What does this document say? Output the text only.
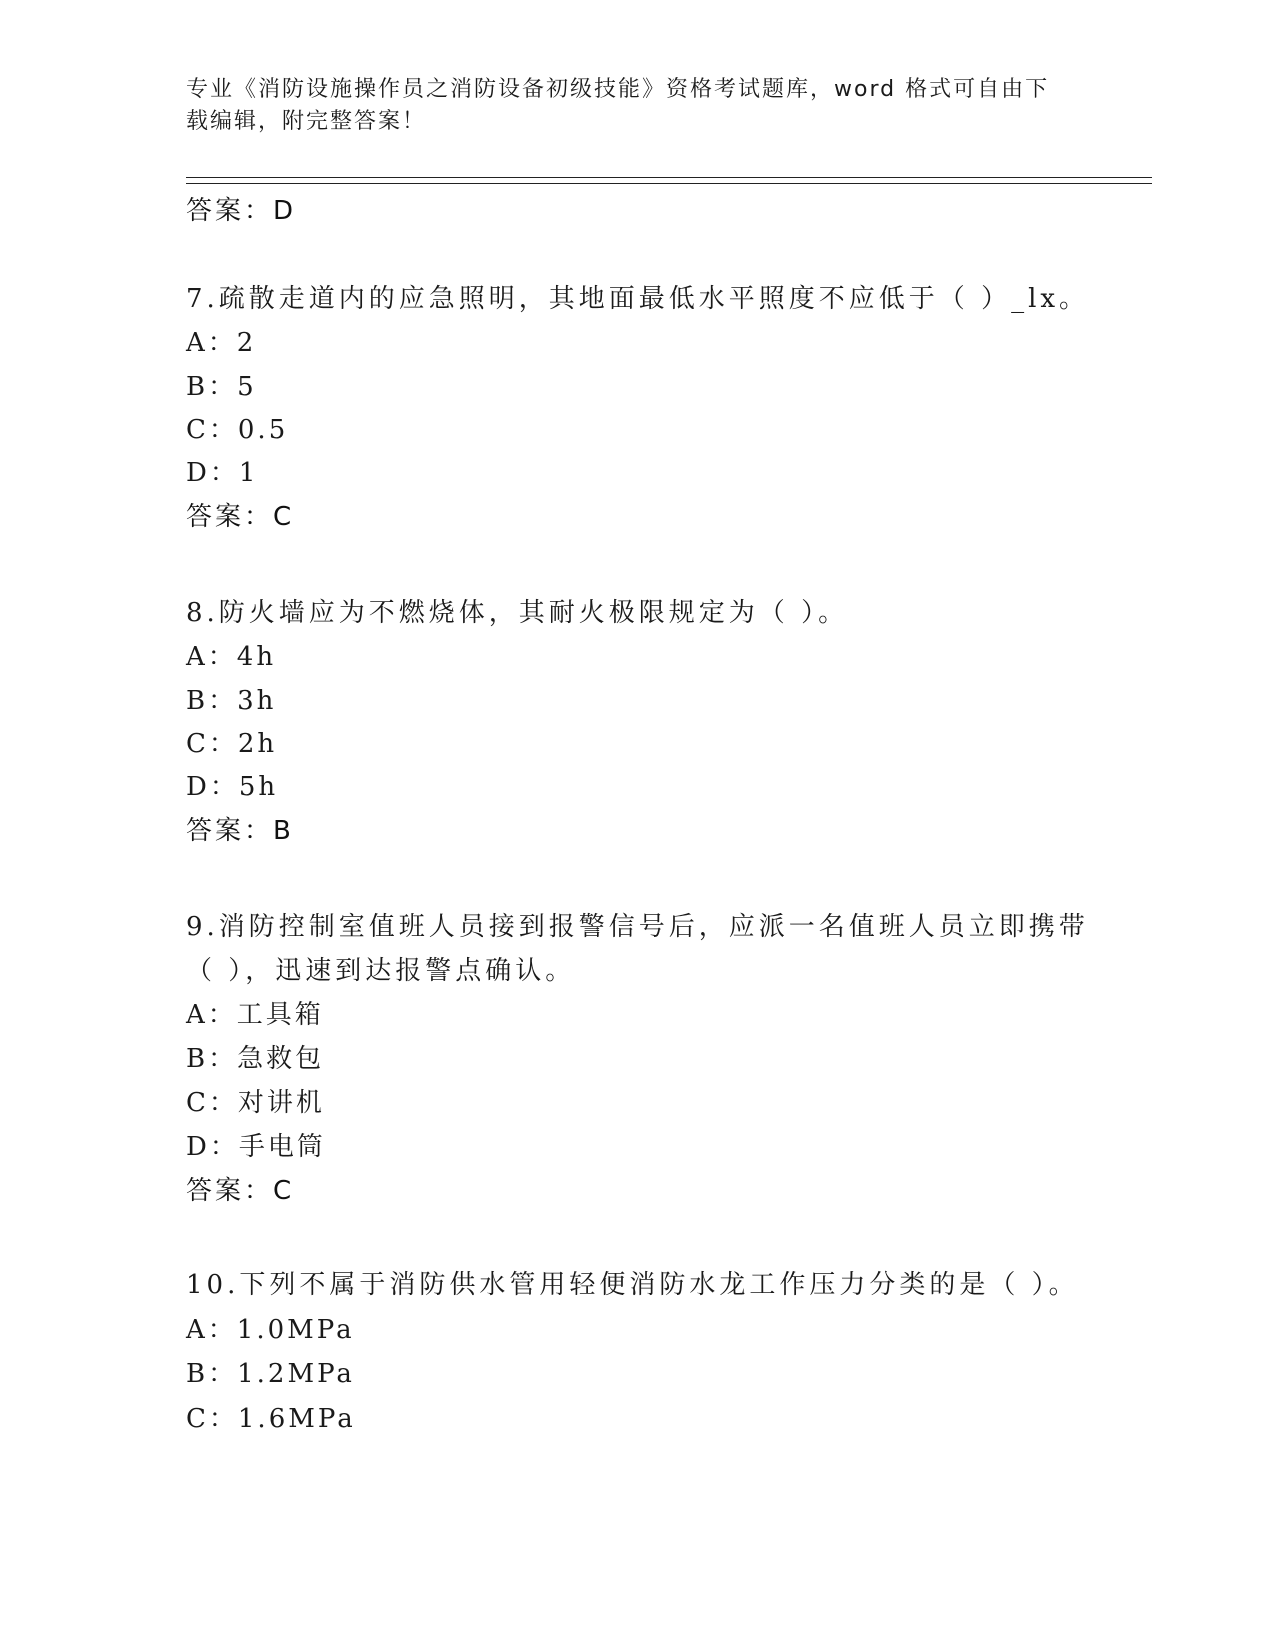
专业《消防设施操作员之消防设备初级技能》资格考试题库，word 格式可自由下
载编辑，附完整答案！
答案：D
7.疏散走道内的应急照明，其地面最低水平照度不应低于（ ）_lx。
A：2
B：5
C：0.5
D：1
答案：C
8.防火墙应为不燃烧体，其耐火极限规定为（ ）。
A：4h
B：3h
C：2h
D：5h
答案：B
9.消防控制室值班人员接到报警信号后，应派一名值班人员立即携带
（ ），迅速到达报警点确认。
A：工具箱
B：急救包
C：对讲机
D：手电筒
答案：C
10.下列不属于消防供水管用轻便消防水龙工作压力分类的是（ ）。
A：1.0MPa
B：1.2MPa
C：1.6MPa
